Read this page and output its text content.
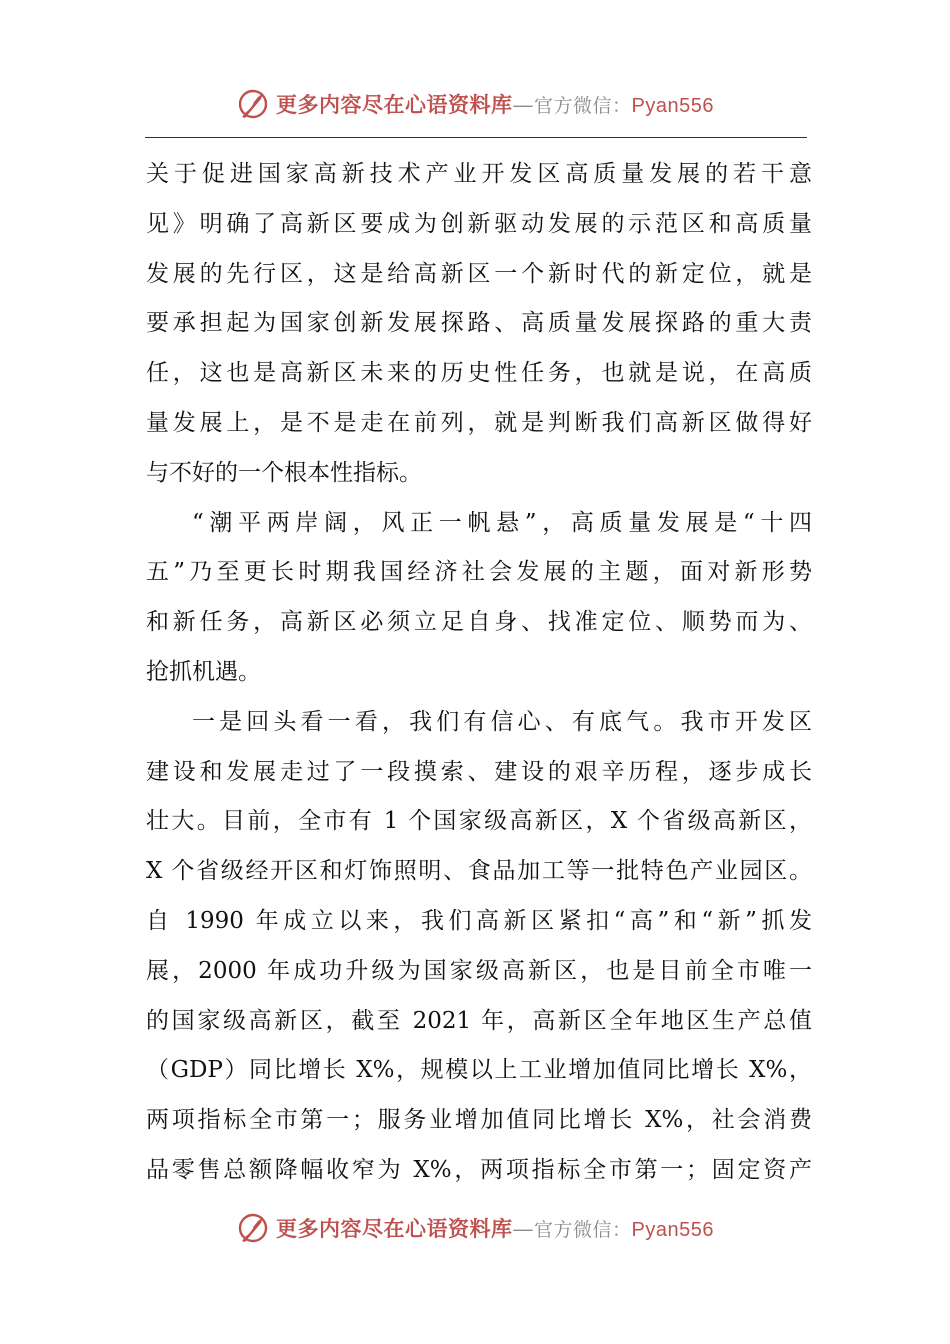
更多内容尽在心语资料库—官方微信：Pyan556
关于促进国家高新技术产业开发区高质量发展的若干意
见》明确了高新区要成为创新驱动发展的示范区和高质量
发展的先行区，这是给高新区一个新时代的新定位，就是
要承担起为国家创新发展探路、高质量发展探路的重大责
任，这也是高新区未来的历史性任务，也就是说，在高质
量发展上，是不是走在前列，就是判断我们高新区做得好
与不好的一个根本性指标。
“潮平两岸阔，风正一帆悬”，高质量发展是“十四
五”乃至更长时期我国经济社会发展的主题，面对新形势
和新任务，高新区必须立足自身、找准定位、顺势而为、
抢抓机遇。
一是回头看一看，我们有信心、有底气。我市开发区
建设和发展走过了一段摸索、建设的艰辛历程，逐步成长
壮大。目前，全市有 1 个国家级高新区，X 个省级高新区，
X 个省级经开区和灯饰照明、食品加工等一批特色产业园区。
自 1990 年成立以来，我们高新区紧扣“高”和“新”抓发
展，2000 年成功升级为国家级高新区，也是目前全市唯一
的国家级高新区，截至 2021 年，高新区全年地区生产总值
（GDP）同比增长 X%，规模以上工业增加值同比增长 X%，
两项指标全市第一；服务业增加值同比增长 X%，社会消费
品零售总额降幅收窄为 X%，两项指标全市第一；固定资产
更多内容尽在心语资料库—官方微信：Pyan556
